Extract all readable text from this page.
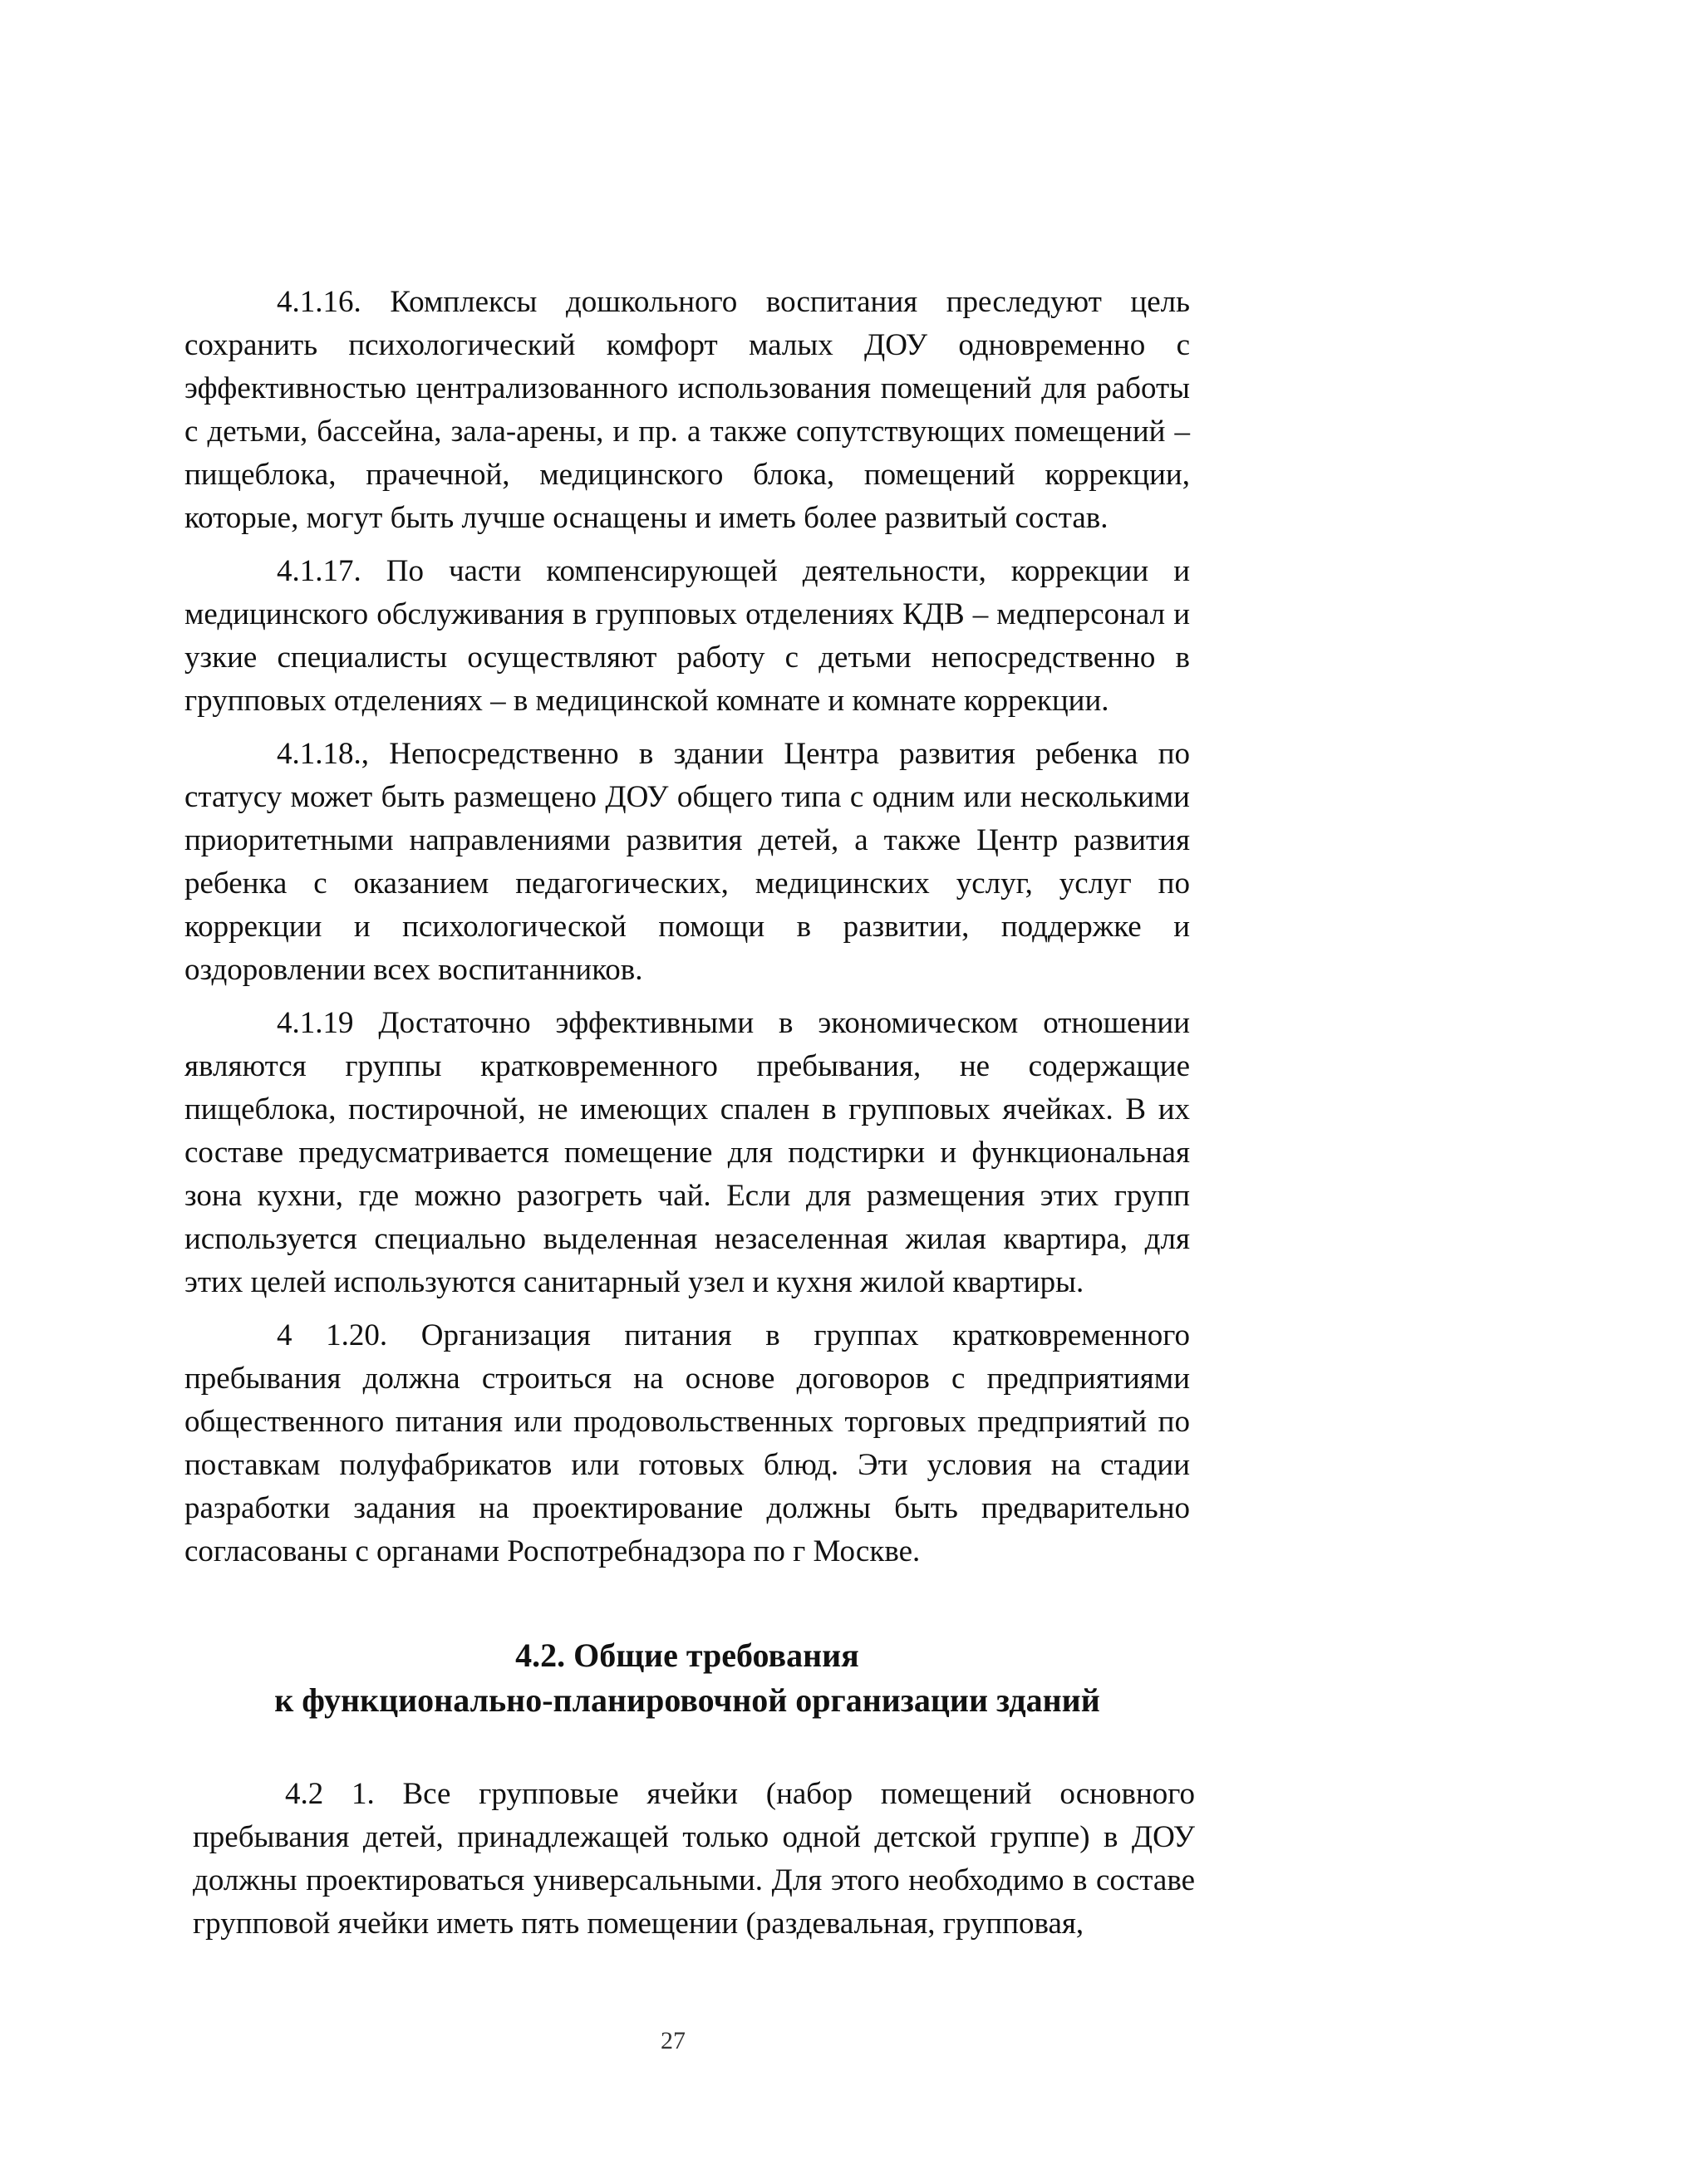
4.1.16. Комплексы дошкольного воспитания преследуют цель сохранить психологический комфорт малых ДОУ одновременно с эффективностью централизованного использования помещений для работы с детьми, бассейна, зала-арены, и пр. а также сопутствующих помещений – пищеблока, прачечной, медицинского блока, помещений коррекции, которые, могут быть лучше оснащены и иметь более развитый состав.

4.1.17. По части компенсирующей деятельности, коррекции и медицинского обслуживания в групповых отделениях КДВ – медперсонал и узкие специалисты осуществляют работу с детьми непосредственно в групповых отделениях – в медицинской комнате и комнате коррекции.

4.1.18., Непосредственно в здании Центра развития ребенка по статусу может быть размещено ДОУ общего типа с одним или несколькими приоритетными направлениями развития детей, а также Центр развития ребенка с оказанием педагогических, медицинских услуг, услуг по коррекции и психологической помощи в развитии, поддержке и оздоровлении всех воспитанников.

4.1.19 Достаточно эффективными в экономическом отношении являются группы кратковременного пребывания, не содержащие пищеблока, постирочной, не имеющих спален в групповых ячейках. В их составе предусматривается помещение для подстирки и функциональная зона кухни, где можно разогреть чай. Если для размещения этих групп используется специально выделенная незаселенная жилая квартира, для этих целей используются санитарный узел и кухня жилой квартиры.

4 1.20. Организация питания в группах кратковременного пребывания должна строиться на основе договоров с предприятиями общественного питания или продовольственных торговых предприятий по поставкам полуфабрикатов или готовых блюд. Эти условия на стадии разработки задания на проектирование должны быть предварительно согласованы с органами Роспотребнадзора по г Москве.

4.2. Общие требования
к функционально-планировочной организации зданий

4.2 1. Все групповые ячейки (набор помещений основного пребывания детей, принадлежащей только одной детской группе) в ДОУ должны проектироваться универсальными. Для этого необходимо в составе групповой ячейки иметь пять помещении (раздевальная, групповая,

27
